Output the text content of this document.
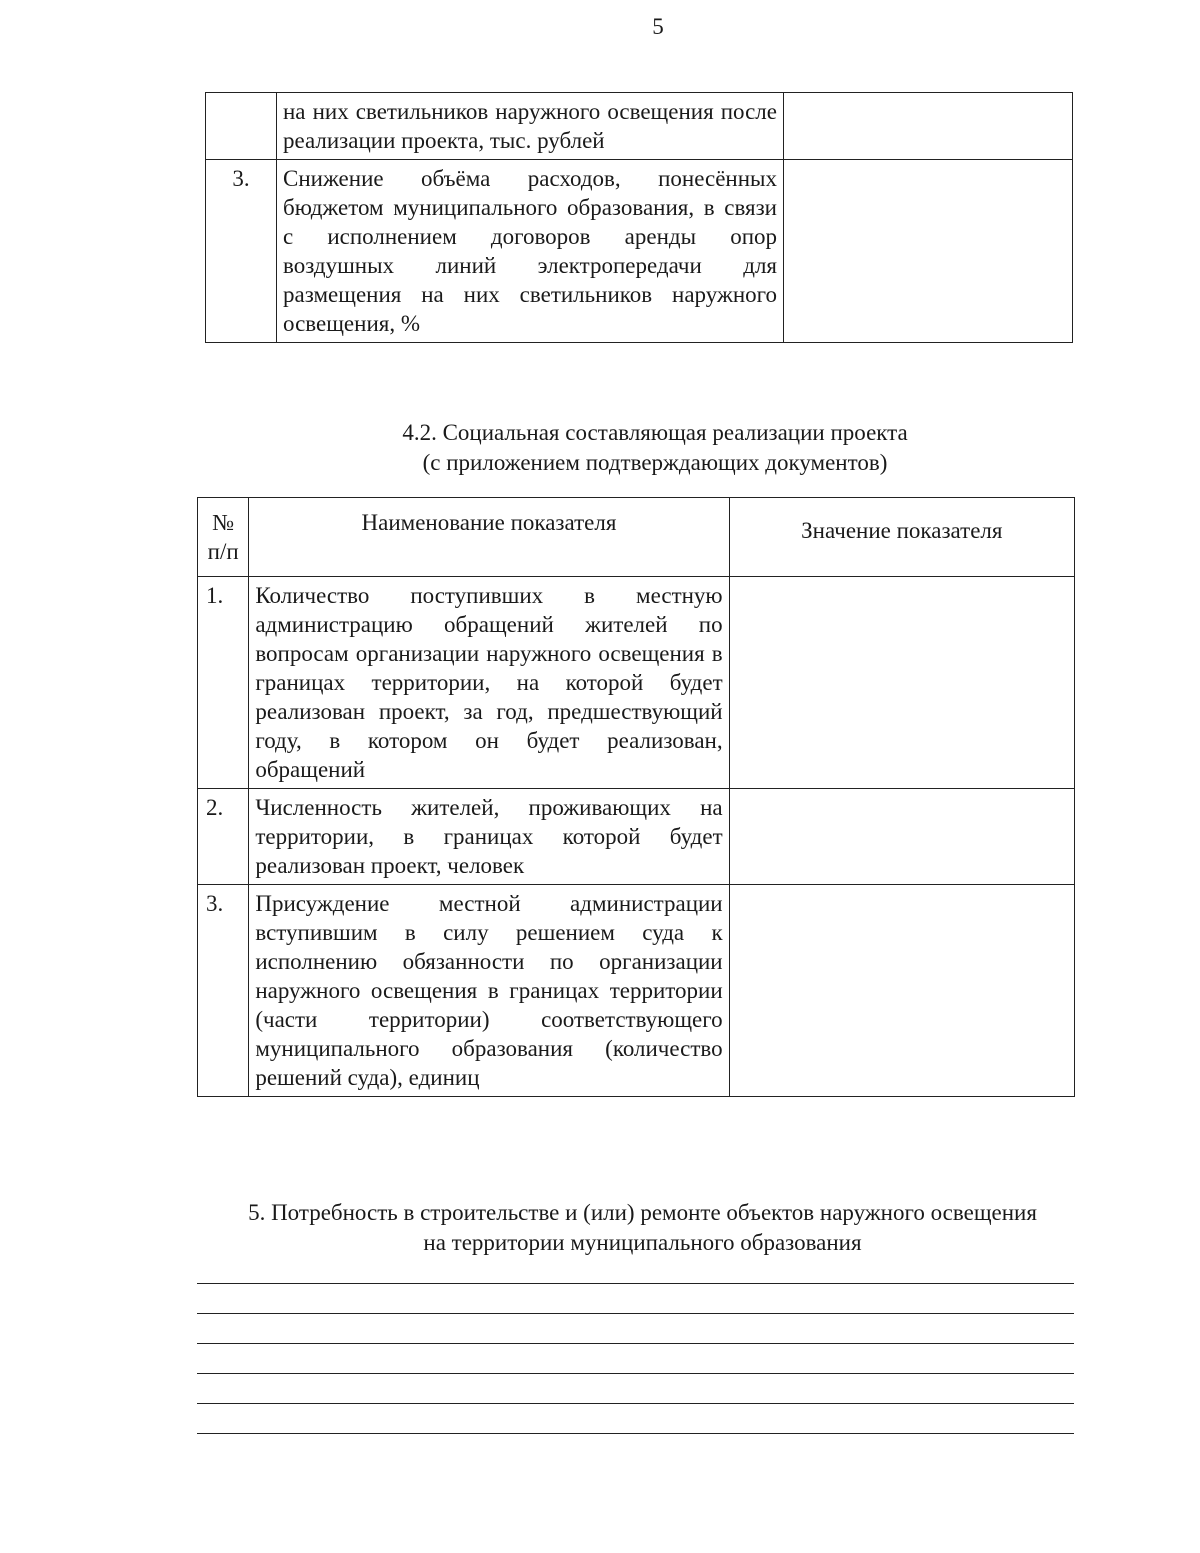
5
	на них светильников наружного освещения после реализации проекта, тыс. рублей	
3.	Снижение объёма расходов, понесённых бюджетом муниципального образования, в связи с исполнением договоров аренды опор воздушных линий электропередачи для размещения на них светильников наружного освещения, %	
4.2. Социальная составляющая реализации проекта
(с приложением подтверждающих документов)
№ п/п	Наименование показателя	Значение показателя
1.	Количество поступивших в местную администрацию обращений жителей по вопросам организации наружного освещения в границах территории, на которой будет реализован проект, за год, предшествующий году, в котором он будет реализован, обращений	
2.	Численность жителей, проживающих на территории, в границах которой будет реализован проект, человек	
3.	Присуждение местной администрации вступившим в силу решением суда к исполнению обязанности по организации наружного освещения в границах территории (части территории) соответствующего муниципального образования (количество решений суда), единиц	
5. Потребность в строительстве и (или) ремонте объектов наружного освещения
на территории муниципального образования
